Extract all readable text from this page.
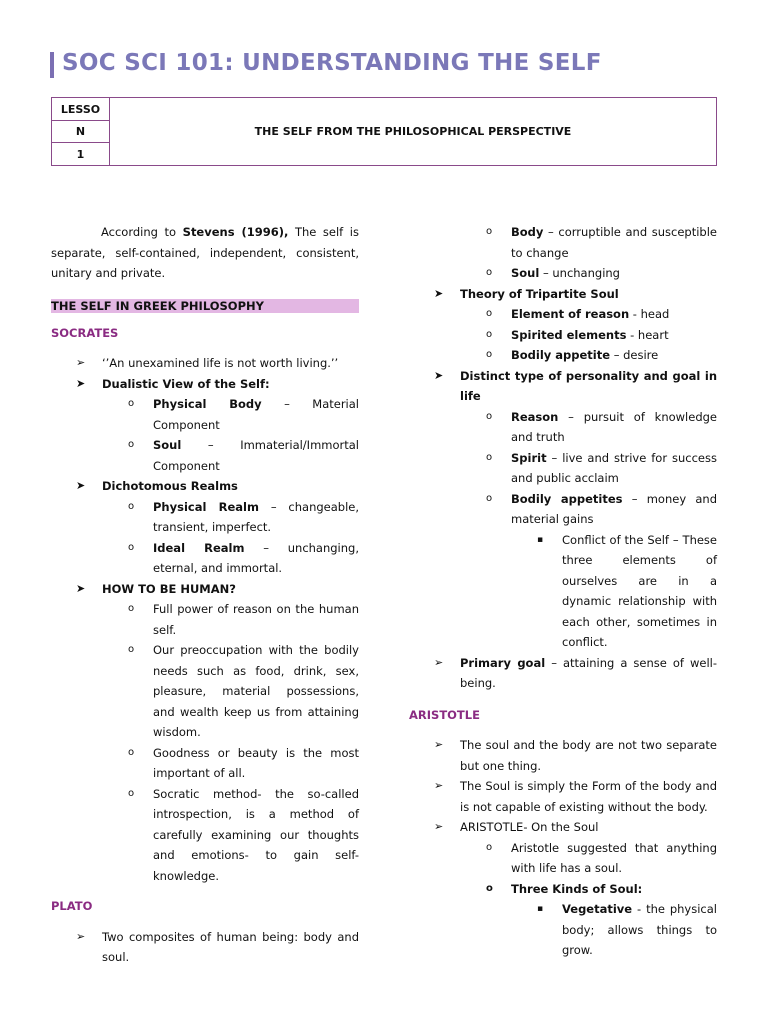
SOC SCI 101: UNDERSTANDING THE SELF
LESSO	THE SELF FROM THE PHILOSOPHICAL PERSPECTIVE
N
1

According to Stevens (1996), The self is separate, self-contained, independent, consistent, unitary and private.

THE SELF IN GREEK PHILOSOPHY

SOCRATES

➢ ‘’An unexamined life is not worth living.’’
➤ Dualistic View of the Self:
o Physical Body – Material Component
o Soul – Immaterial/Immortal Component
➤ Dichotomous Realms
o Physical Realm – changeable, transient, imperfect.
o Ideal Realm – unchanging, eternal, and immortal.
➤ HOW TO BE HUMAN?
o Full power of reason on the human self.
o Our preoccupation with the bodily needs such as food, drink, sex, pleasure, material possessions, and wealth keep us from attaining wisdom.
o Goodness or beauty is the most important of all.
o Socratic method- the so-called introspection, is a method of carefully examining our thoughts and emotions- to gain self-knowledge.

PLATO

➢ Two composites of human being: body and soul.
o Body – corruptible and susceptible to change
o Soul – unchanging
➤ Theory of Tripartite Soul
o Element of reason - head
o Spirited elements - heart
o Bodily appetite – desire
➤ Distinct type of personality and goal in life
o Reason – pursuit of knowledge and truth
o Spirit – live and strive for success and public acclaim
o Bodily appetites – money and material gains
▪ Conflict of the Self – These three elements of ourselves are in a dynamic relationship with each other, sometimes in conflict.
➢ Primary goal – attaining a sense of well-being.

ARISTOTLE

➢ The soul and the body are not two separate but one thing.
➢ The Soul is simply the Form of the body and is not capable of existing without the body.
➢ ARISTOTLE- On the Soul
o Aristotle suggested that anything with life has a soul.
o Three Kinds of Soul:
▪ Vegetative - the physical body; allows things to grow.
